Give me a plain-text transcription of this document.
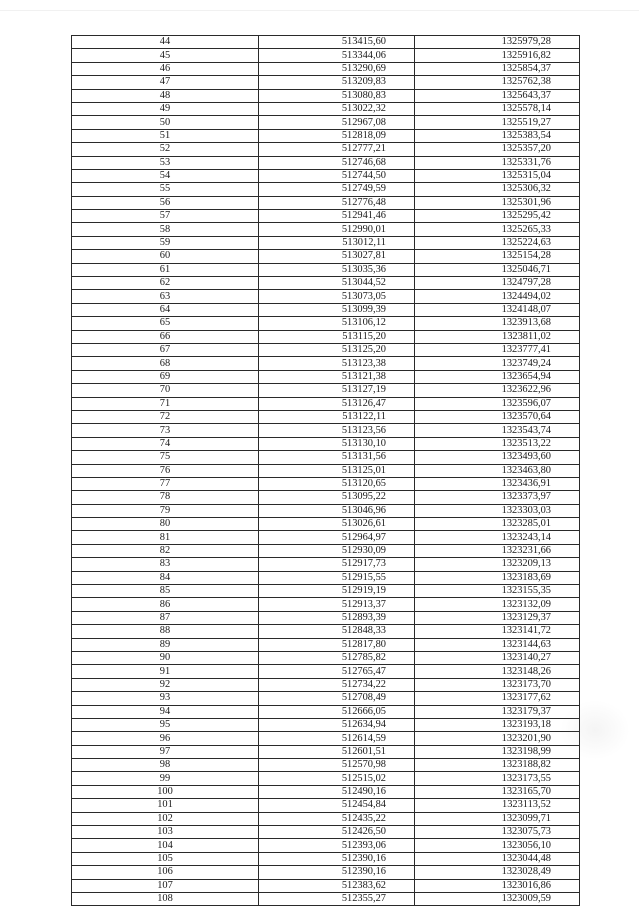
44	513415,60	1325979,28
45	513344,06	1325916,82
46	513290,69	1325854,37
47	513209,83	1325762,38
48	513080,83	1325643,37
49	513022,32	1325578,14
50	512967,08	1325519,27
51	512818,09	1325383,54
52	512777,21	1325357,20
53	512746,68	1325331,76
54	512744,50	1325315,04
55	512749,59	1325306,32
56	512776,48	1325301,96
57	512941,46	1325295,42
58	512990,01	1325265,33
59	513012,11	1325224,63
60	513027,81	1325154,28
61	513035,36	1325046,71
62	513044,52	1324797,28
63	513073,05	1324494,02
64	513099,39	1324148,07
65	513106,12	1323913,68
66	513115,20	1323811,02
67	513125,20	1323777,41
68	513123,38	1323749,24
69	513121,38	1323654,94
70	513127,19	1323622,96
71	513126,47	1323596,07
72	513122,11	1323570,64
73	513123,56	1323543,74
74	513130,10	1323513,22
75	513131,56	1323493,60
76	513125,01	1323463,80
77	513120,65	1323436,91
78	513095,22	1323373,97
79	513046,96	1323303,03
80	513026,61	1323285,01
81	512964,97	1323243,14
82	512930,09	1323231,66
83	512917,73	1323209,13
84	512915,55	1323183,69
85	512919,19	1323155,35
86	512913,37	1323132,09
87	512893,39	1323129,37
88	512848,33	1323141,72
89	512817,80	1323144,63
90	512785,82	1323140,27
91	512765,47	1323148,26
92	512734,22	1323173,70
93	512708,49	1323177,62
94	512666,05	1323179,37
95	512634,94	1323193,18
96	512614,59	1323201,90
97	512601,51	1323198,99
98	512570,98	1323188,82
99	512515,02	1323173,55
100	512490,16	1323165,70
101	512454,84	1323113,52
102	512435,22	1323099,71
103	512426,50	1323075,73
104	512393,06	1323056,10
105	512390,16	1323044,48
106	512390,16	1323028,49
107	512383,62	1323016,86
108	512355,27	1323009,59
